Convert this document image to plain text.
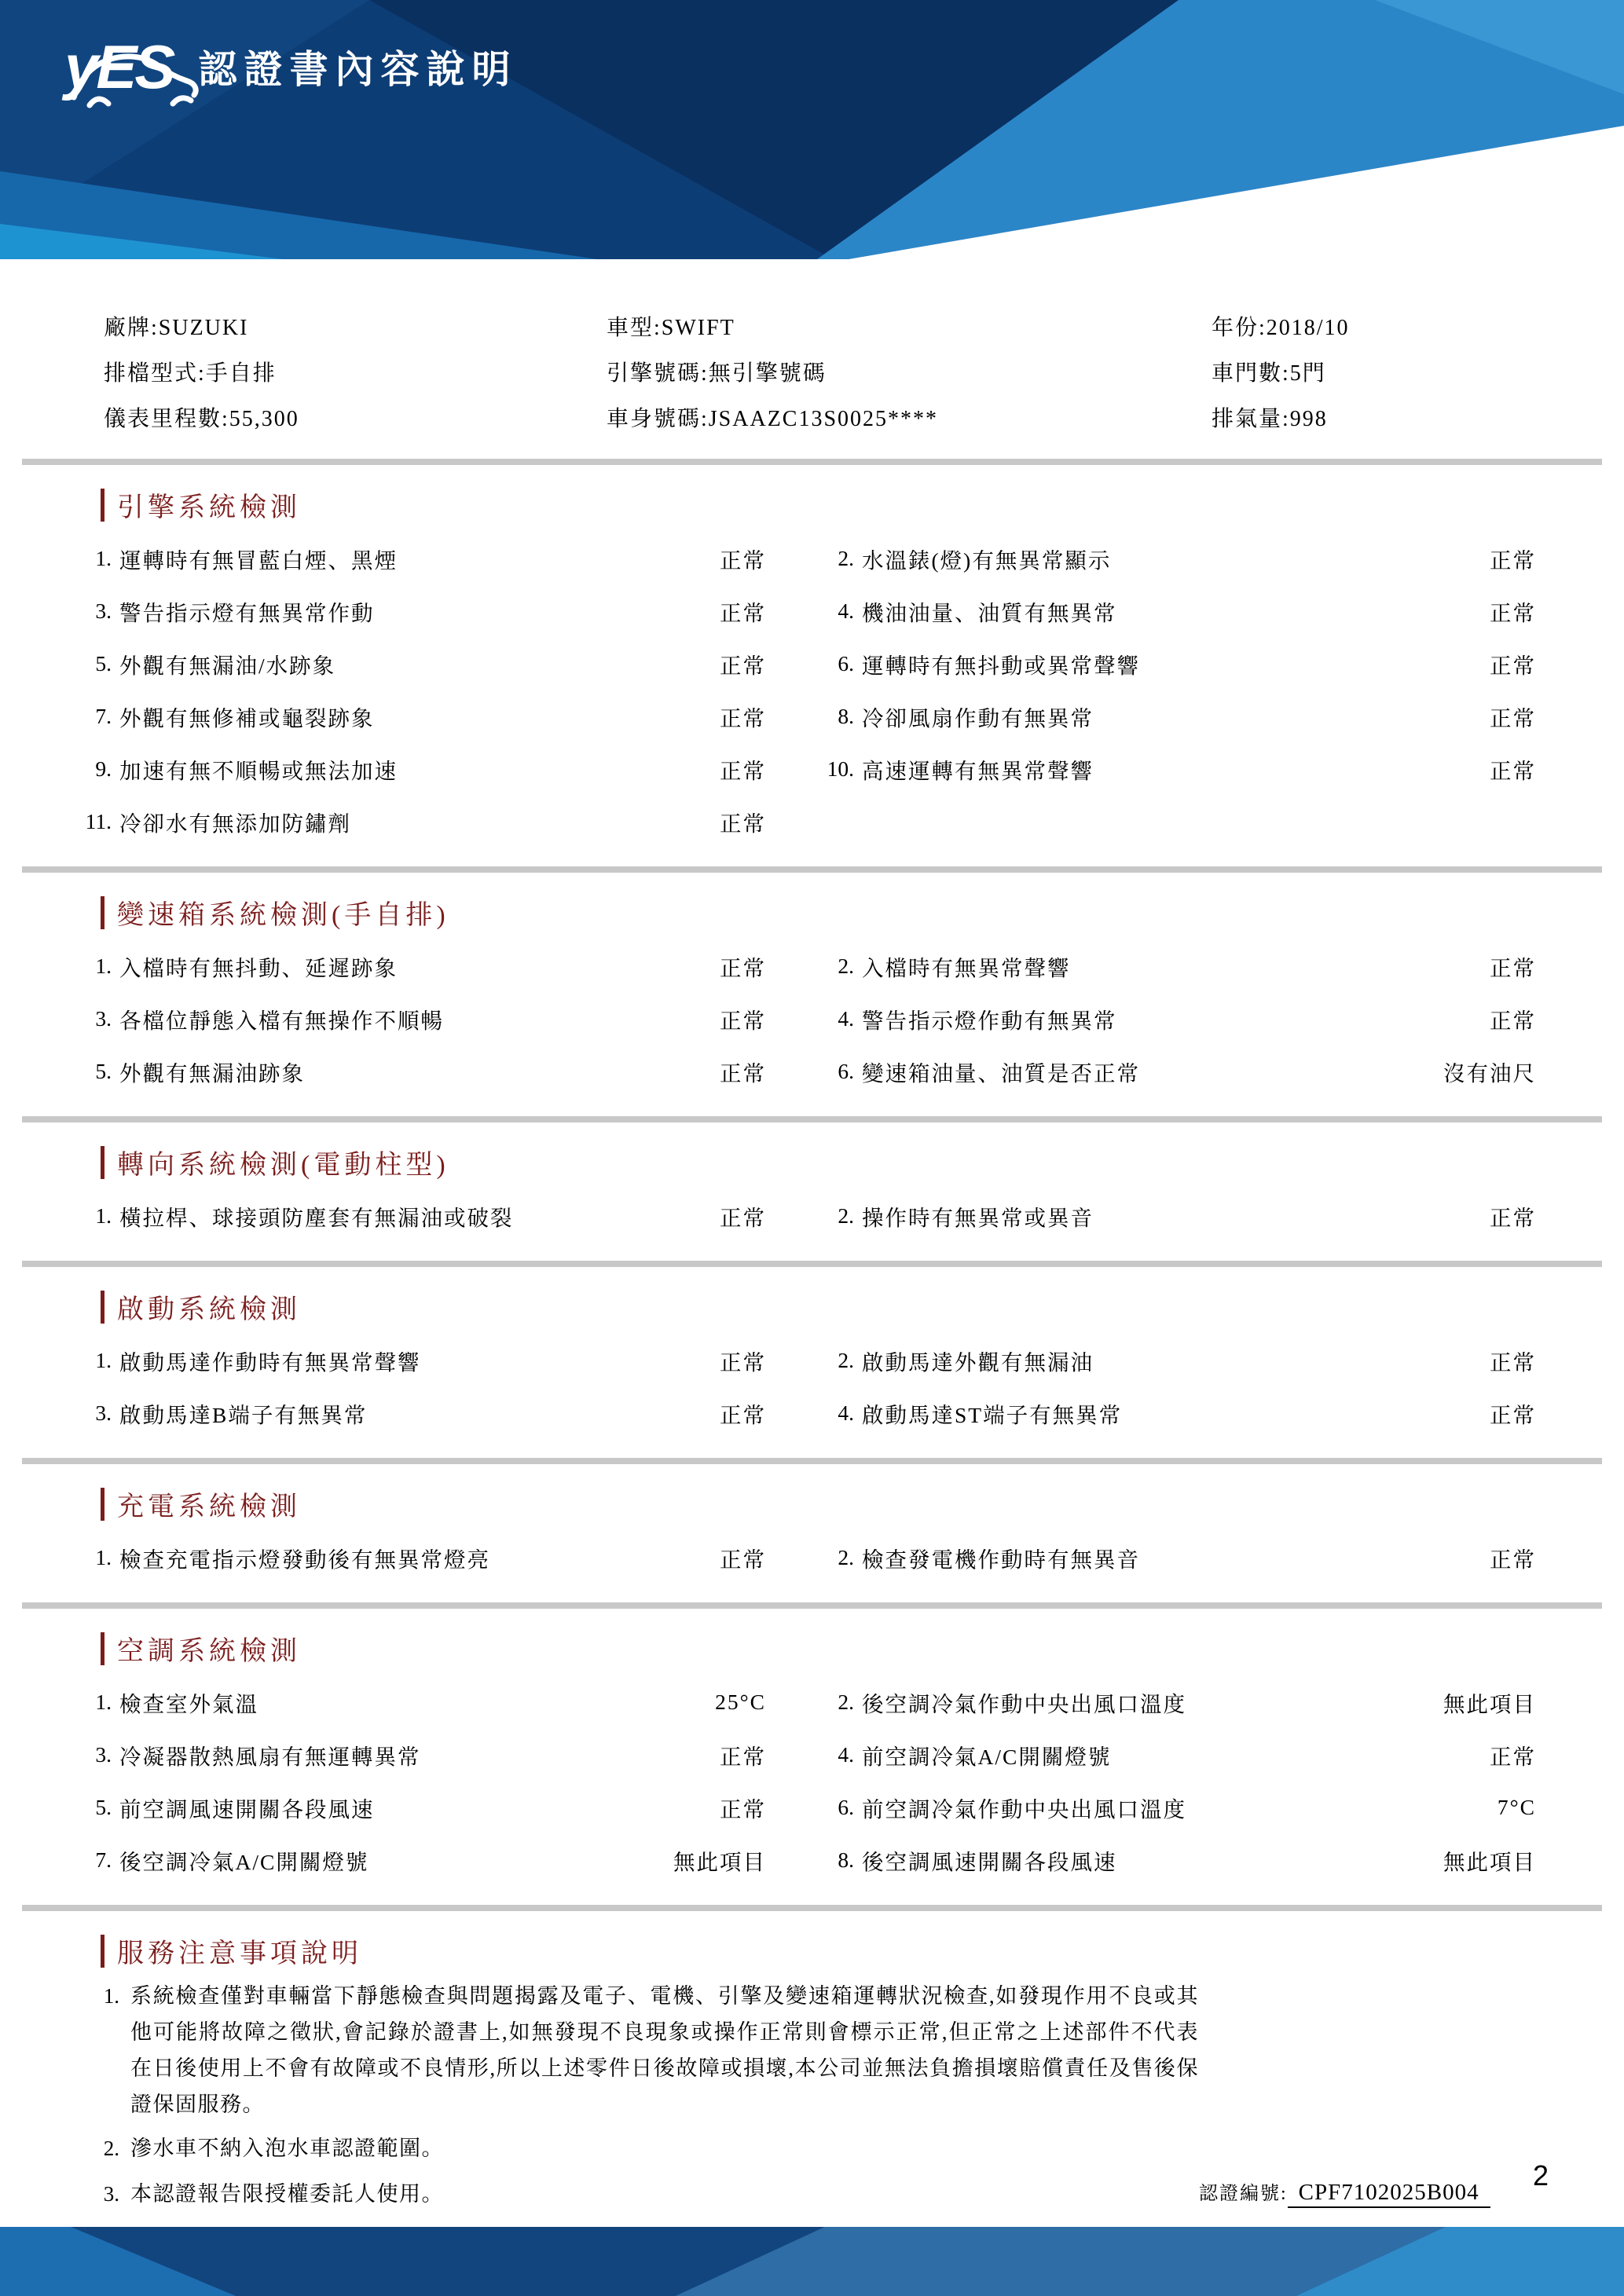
yES 認證書內容說明
廠牌:SUZUKI	車型:SWIFT	年份:2018/10
排檔型式:手自排	引擎號碼:無引擎號碼	車門數:5門
儀表里程數:55,300	車身號碼:JSAAZC13S0025****	排氣量:998
引擎系統檢測
1. 運轉時有無冒藍白煙、黑煙	正常	2. 水溫錶(燈)有無異常顯示	正常
3. 警告指示燈有無異常作動	正常	4. 機油油量、油質有無異常	正常
5. 外觀有無漏油/水跡象	正常	6. 運轉時有無抖動或異常聲響	正常
7. 外觀有無修補或龜裂跡象	正常	8. 冷卻風扇作動有無異常	正常
9. 加速有無不順暢或無法加速	正常	10. 高速運轉有無異常聲響	正常
11. 冷卻水有無添加防鏽劑	正常
變速箱系統檢測(手自排)
1. 入檔時有無抖動、延遲跡象	正常	2. 入檔時有無異常聲響	正常
3. 各檔位靜態入檔有無操作不順暢	正常	4. 警告指示燈作動有無異常	正常
5. 外觀有無漏油跡象	正常	6. 變速箱油量、油質是否正常	沒有油尺
轉向系統檢測(電動柱型)
1. 橫拉桿、球接頭防塵套有無漏油或破裂	正常	2. 操作時有無異常或異音	正常
啟動系統檢測
1. 啟動馬達作動時有無異常聲響	正常	2. 啟動馬達外觀有無漏油	正常
3. 啟動馬達B端子有無異常	正常	4. 啟動馬達ST端子有無異常	正常
充電系統檢測
1. 檢查充電指示燈發動後有無異常燈亮	正常	2. 檢查發電機作動時有無異音	正常
空調系統檢測
1. 檢查室外氣溫	25°C	2. 後空調冷氣作動中央出風口溫度	無此項目
3. 冷凝器散熱風扇有無運轉異常	正常	4. 前空調冷氣A/C開關燈號	正常
5. 前空調風速開關各段風速	正常	6. 前空調冷氣作動中央出風口溫度	7°C
7. 後空調冷氣A/C開關燈號	無此項目	8. 後空調風速開關各段風速	無此項目
服務注意事項說明
1. 系統檢查僅對車輛當下靜態檢查與問題揭露及電子、電機、引擎及變速箱運轉狀況檢查,如發現作用不良或其他可能將故障之徵狀,會記錄於證書上,如無發現不良現象或操作正常則會標示正常,但正常之上述部件不代表在日後使用上不會有故障或不良情形,所以上述零件日後故障或損壞,本公司並無法負擔損壞賠償責任及售後保證保固服務。
2. 滲水車不納入泡水車認證範圍。
3. 本認證報告限授權委託人使用。	認證編號: CPF7102025B004
2
